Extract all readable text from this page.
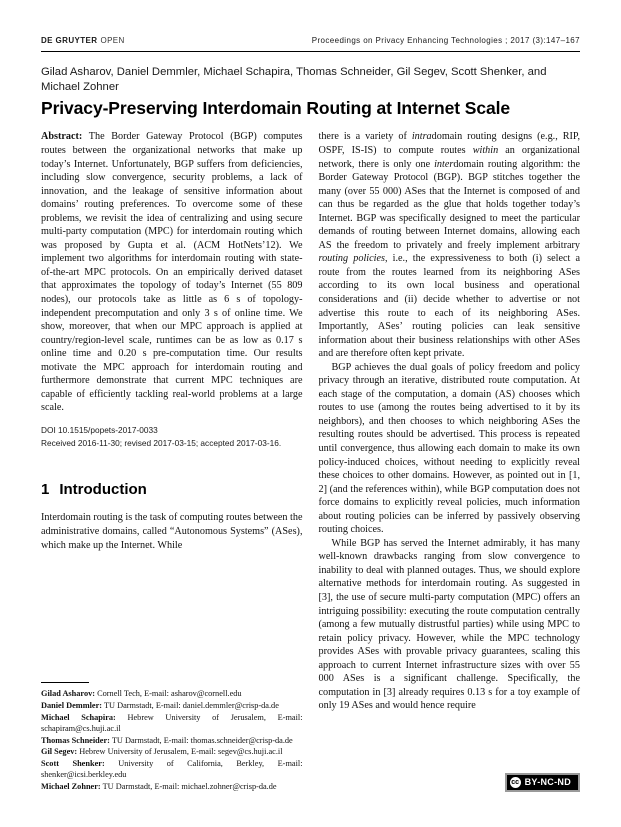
DE GRUYTER OPEN	Proceedings on Privacy Enhancing Technologies ; 2017 (3):147–167
Gilad Asharov, Daniel Demmler, Michael Schapira, Thomas Schneider, Gil Segev, Scott Shenker, and Michael Zohner
Privacy-Preserving Interdomain Routing at Internet Scale

Abstract: The Border Gateway Protocol (BGP) computes routes between the organizational networks that make up today’s Internet. Unfortunately, BGP suffers from deficiencies, including slow convergence, security problems, a lack of innovation, and the leakage of sensitive information about domains’ routing preferences. To overcome some of these problems, we revisit the idea of centralizing and using secure multi-party computation (MPC) for interdomain routing which was proposed by Gupta et al. (ACM HotNets’12). We implement two algorithms for interdomain routing with state-of-the-art MPC protocols. On an empirically derived dataset that approximates the topology of today’s Internet (55 809 nodes), our protocols take as little as 6 s of topology-independent precomputation and only 3 s of online time. We show, moreover, that when our MPC approach is applied at country/region-level scale, runtimes can be as low as 0.17 s online time and 0.20 s pre-computation time. Our results motivate the MPC approach for interdomain routing and furthermore demonstrate that current MPC techniques are capable of efficiently tackling real-world problems at a large scale.

DOI 10.1515/popets-2017-0033
Received 2016-11-30; revised 2017-03-15; accepted 2017-03-16.
1 Introduction

Interdomain routing is the task of computing routes between the administrative domains, called “Autonomous Systems” (ASes), which make up the Internet. While

Gilad Asharov: Cornell Tech, E-mail: asharov@cornell.edu
Daniel Demmler: TU Darmstadt, E-mail: daniel.demmler@crisp-da.de
Michael Schapira: Hebrew University of Jerusalem, E-mail: schapiram@cs.huji.ac.il
Thomas Schneider: TU Darmstadt, E-mail: thomas.schneider@crisp-da.de
Gil Segev: Hebrew University of Jerusalem, E-mail: segev@cs.huji.ac.il
Scott Shenker: University of California, Berkley, E-mail: shenker@icsi.berkley.edu
Michael Zohner: TU Darmstadt, E-mail: michael.zohner@crisp-da.de

there is a variety of intradomain routing designs (e.g., RIP, OSPF, IS-IS) to compute routes within an organizational network, there is only one interdomain routing algorithm: the Border Gateway Protocol (BGP). BGP stitches together the many (over 55 000) ASes that the Internet is composed of and can thus be regarded as the glue that holds together today’s Internet. BGP was specifically designed to meet the particular demands of routing between Internet domains, allowing each AS the freedom to privately and freely implement arbitrary routing policies, i.e., the expressiveness to both (i) select a route from the routes learned from its neighboring ASes according to its own local business and operational considerations and (ii) decide whether to advertise or not advertise this route to each of its neighboring ASes. Importantly, ASes’ routing policies can leak sensitive information about their business relationships with other ASes and are therefore often kept private.

BGP achieves the dual goals of policy freedom and policy privacy through an iterative, distributed route computation. At each stage of the computation, a domain (AS) chooses which routes to use (among the routes being advertised to it by its neighbors), and then chooses to which neighboring ASes the resulting routes should be advertised. This process is repeated until convergence, thus allowing each domain to make its own policy-induced choices, without needing to explicitly reveal these choices to other domains. However, as pointed out in [1, 2] (and the references within), while BGP computation does not force domains to explicitly reveal policies, much information about routing policies can be inferred by passively observing routing choices.

While BGP has served the Internet admirably, it has many well-known drawbacks ranging from slow convergence to inability to deal with planned outages. Thus, we should explore alternative methods for interdomain routing. As suggested in [3], the use of secure multi-party computation (MPC) offers an intriguing possibility: executing the route computation centrally (among a few mutually distrustful parties) while using MPC to retain policy privacy. However, while the MPC technology provides ASes with provable privacy guarantees, scaling this approach to current Internet infrastructure sizes with over 55 000 ASes is a significant challenge. Specifically, the computation in [3] already requires 0.13 s for a toy example of only 19 ASes and would hence require

cc BY-NC-ND
